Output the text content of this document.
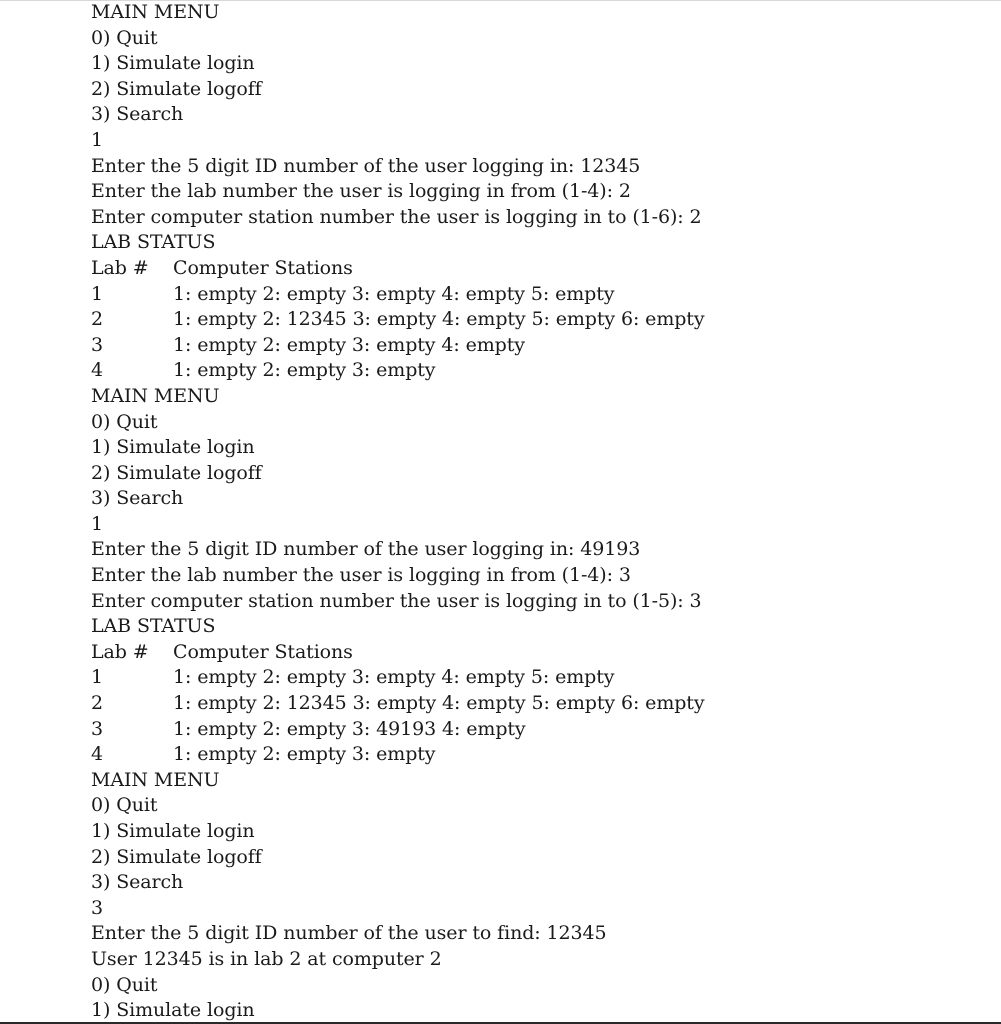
MAIN MENU
0) Quit
1) Simulate login
2) Simulate logoff
3) Search
1
Enter the 5 digit ID number of the user logging in: 12345
Enter the lab number the user is logging in from (1-4): 2
Enter computer station number the user is logging in to (1-6): 2
LAB STATUS
Lab #	Computer Stations
1	1: empty 2: empty 3: empty 4: empty 5: empty
2	1: empty 2: 12345 3: empty 4: empty 5: empty 6: empty
3	1: empty 2: empty 3: empty 4: empty
4	1: empty 2: empty 3: empty
MAIN MENU
0) Quit
1) Simulate login
2) Simulate logoff
3) Search
1
Enter the 5 digit ID number of the user logging in: 49193
Enter the lab number the user is logging in from (1-4): 3
Enter computer station number the user is logging in to (1-5): 3
LAB STATUS
Lab #	Computer Stations
1	1: empty 2: empty 3: empty 4: empty 5: empty
2	1: empty 2: 12345 3: empty 4: empty 5: empty 6: empty
3	1: empty 2: empty 3: 49193 4: empty
4	1: empty 2: empty 3: empty
MAIN MENU
0) Quit
1) Simulate login
2) Simulate logoff
3) Search
3
Enter the 5 digit ID number of the user to find: 12345
User 12345 is in lab 2 at computer 2
0) Quit
1) Simulate login
